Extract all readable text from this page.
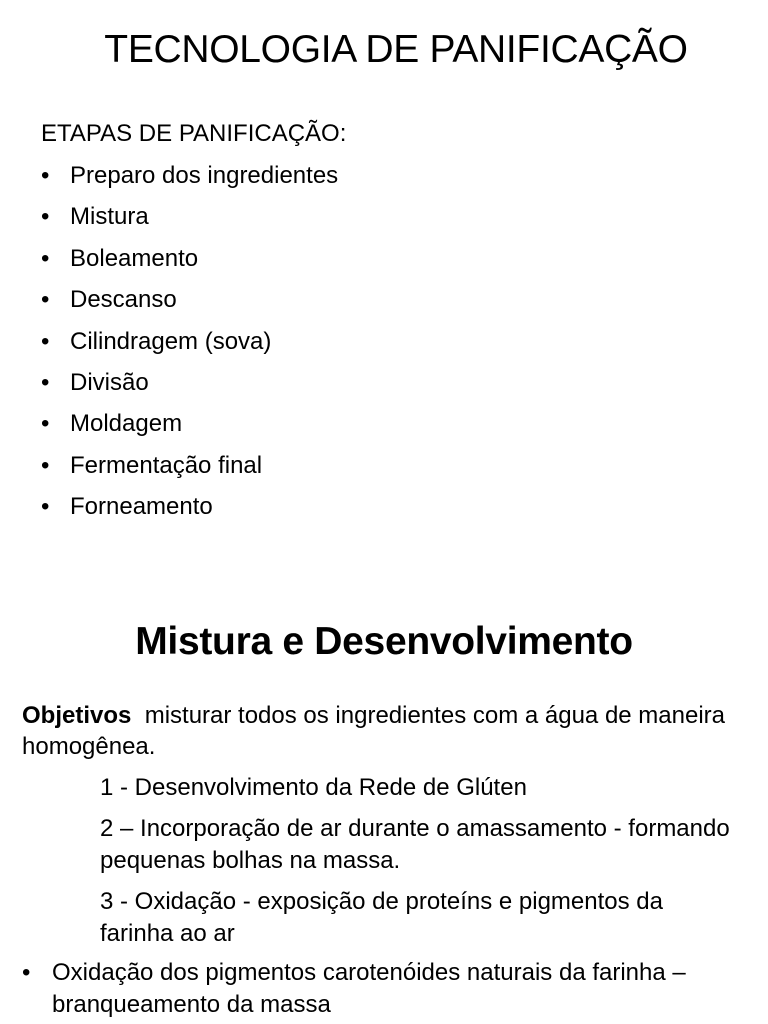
TECNOLOGIA DE PANIFICAÇÃO

ETAPAS DE PANIFICAÇÃO:

• Preparo dos ingredientes
• Mistura
• Boleamento
• Descanso
• Cilindragem (sova)
• Divisão
• Moldagem
• Fermentação final
• Forneamento
Mistura e Desenvolvimento

Objetivos  misturar todos os ingredientes com a água de maneira homogênea.

1 - Desenvolvimento da Rede de Glúten

2 – Incorporação de ar durante o amassamento - formando pequenas bolhas na massa.

3 - Oxidação - exposição de proteíns e pigmentos da farinha ao ar

• Oxidação dos pigmentos carotenóides naturais da farinha – branqueamento da massa
